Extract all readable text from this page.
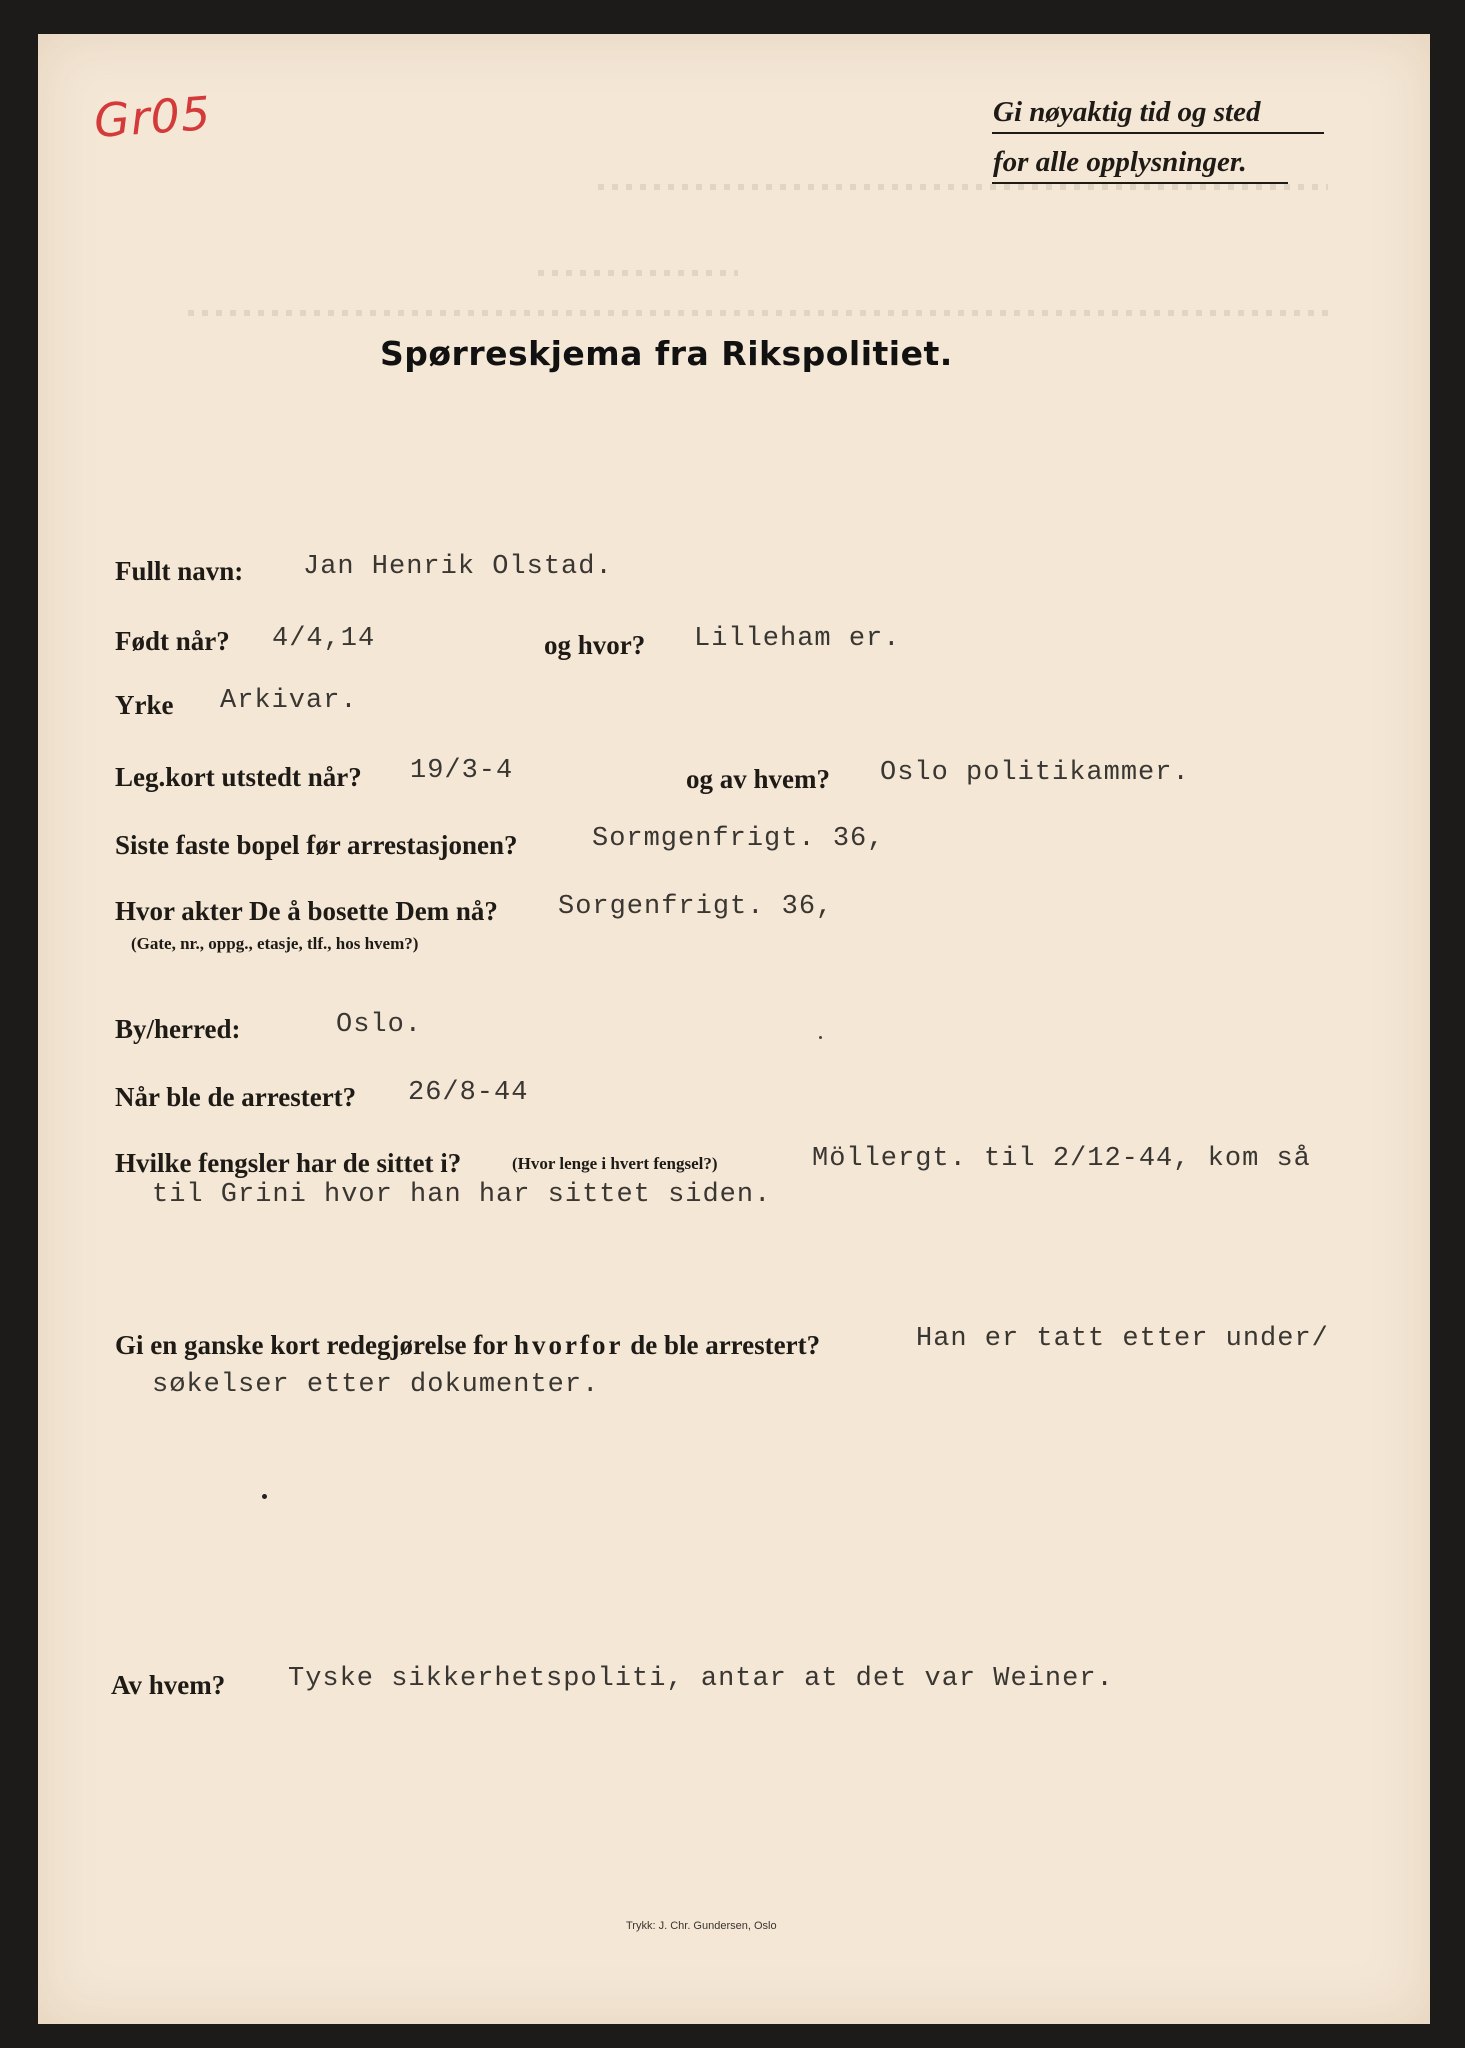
Gr05	Gi nøyaktig tid og sted
for alle opplysninger.
Spørreskjema fra Rikspolitiet.
Fullt navn: Jan Henrik Olstad.
Født når? 4/4,14	og hvor? Lilleham er.
Yrke Arkivar.
Leg.kort utstedt når? 19/3-4	og av hvem? Oslo politikammer.
Siste faste bopel før arrestasjonen?	Sormgenfrigt. 36,
Hvor akter De å bosette Dem nå? Sorgenfrigt. 36,
(Gate, nr., oppg., etasje, tlf., hos hvem?)
By/herred:	Oslo.
Når ble de arrestert? 26/8-44
Hvilke fengsler har de sittet i?	(Hvor lenge i hvert fengsel?)	Möllergt. til 2/12-44, kom så
til Grini hvor han har sittet siden.
Gi en ganske kort redegjørelse for hvorfor de ble arrestert?	Han er tatt etter under/
søkelser etter dokumenter.
Av hvem? Tyske sikkerhetspoliti, antar at det var Weiner.
Trykk: J. Chr. Gundersen, Oslo
